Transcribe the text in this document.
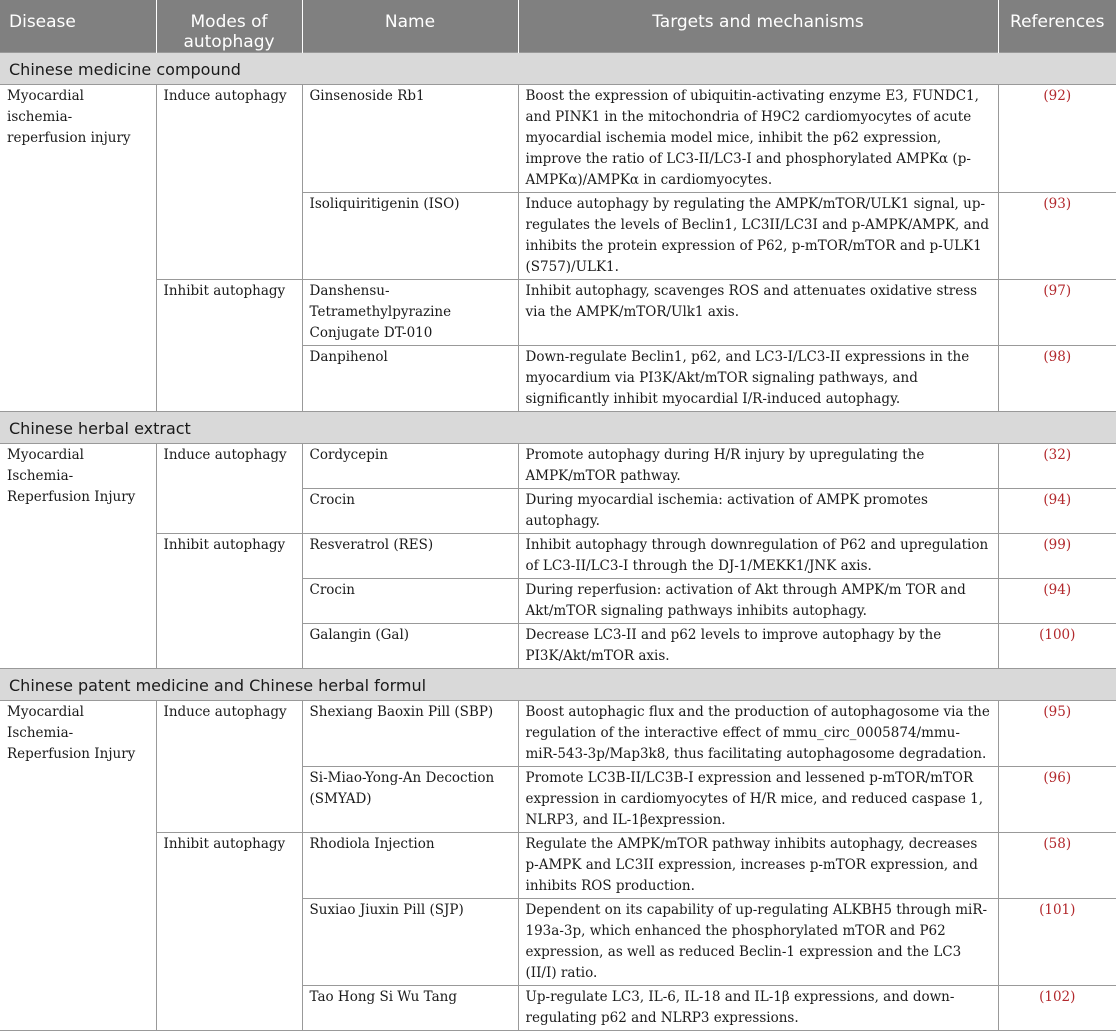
Disease	Modes of autophagy	Name	Targets and mechanisms	References
Chinese medicine compound				
Myocardial ischemia-reperfusion injury	Induce autophagy	Ginsenoside Rb1	Boost the expression of ubiquitin-activating enzyme E3, FUNDC1, and PINK1 in the mitochondria of H9C2 cardiomyocytes of acute myocardial ischemia model mice, inhibit the p62 expression, improve the ratio of LC3-II/LC3-I and phosphorylated AMPKα (p-AMPKα)/AMPKα in cardiomyocytes.	(92)
		Isoliquiritigenin (ISO)	Induce autophagy by regulating the AMPK/mTOR/ULK1 signal, up-regulates the levels of Beclin1, LC3II/LC3I and p-AMPK/AMPK, and inhibits the protein expression of P62, p-mTOR/mTOR and p-ULK1 (S757)/ULK1.	(93)
	Inhibit autophagy	Danshensu-Tetramethylpyrazine Conjugate DT-010	Inhibit autophagy, scavenges ROS and attenuates oxidative stress via the AMPK/mTOR/Ulk1 axis.	(97)
		Danpihenol	Down-regulate Beclin1, p62, and LC3-I/LC3-II expressions in the myocardium via PI3K/Akt/mTOR signaling pathways, and significantly inhibit myocardial I/R-induced autophagy.	(98)
Chinese herbal extract				
Myocardial Ischemia-Reperfusion Injury	Induce autophagy	Cordycepin	Promote autophagy during H/R injury by upregulating the AMPK/mTOR pathway.	(32)
		Crocin	During myocardial ischemia: activation of AMPK promotes autophagy.	(94)
	Inhibit autophagy	Resveratrol (RES)	Inhibit autophagy through downregulation of P62 and upregulation of LC3-II/LC3-I through the DJ-1/MEKK1/JNK axis.	(99)
		Crocin	During reperfusion: activation of Akt through AMPK/m TOR and Akt/mTOR signaling pathways inhibits autophagy.	(94)
		Galangin (Gal)	Decrease LC3-II and p62 levels to improve autophagy by the PI3K/Akt/mTOR axis.	(100)
Chinese patent medicine and Chinese herbal formul				
Myocardial Ischemia-Reperfusion Injury	Induce autophagy	Shexiang Baoxin Pill (SBP)	Boost autophagic flux and the production of autophagosome via the regulation of the interactive effect of mmu_circ_0005874/mmu-miR-543-3p/Map3k8, thus facilitating autophagosome degradation.	(95)
		Si-Miao-Yong-An Decoction (SMYAD)	Promote LC3B-II/LC3B-I expression and lessened p-mTOR/mTOR expression in cardiomyocytes of H/R mice, and reduced caspase 1, NLRP3, and IL-1βexpression.	(96)
	Inhibit autophagy	Rhodiola Injection	Regulate the AMPK/mTOR pathway inhibits autophagy, decreases p-AMPK and LC3II expression, increases p-mTOR expression, and inhibits ROS production.	(58)
		Suxiao Jiuxin Pill (SJP)	Dependent on its capability of up-regulating ALKBH5 through miR-193a-3p, which enhanced the phosphorylated mTOR and P62 expression, as well as reduced Beclin-1 expression and the LC3 (II/I) ratio.	(101)
		Tao Hong Si Wu Tang	Up-regulate LC3, IL-6, IL-18 and IL-1β expressions, and down-regulating p62 and NLRP3 expressions.	(102)
